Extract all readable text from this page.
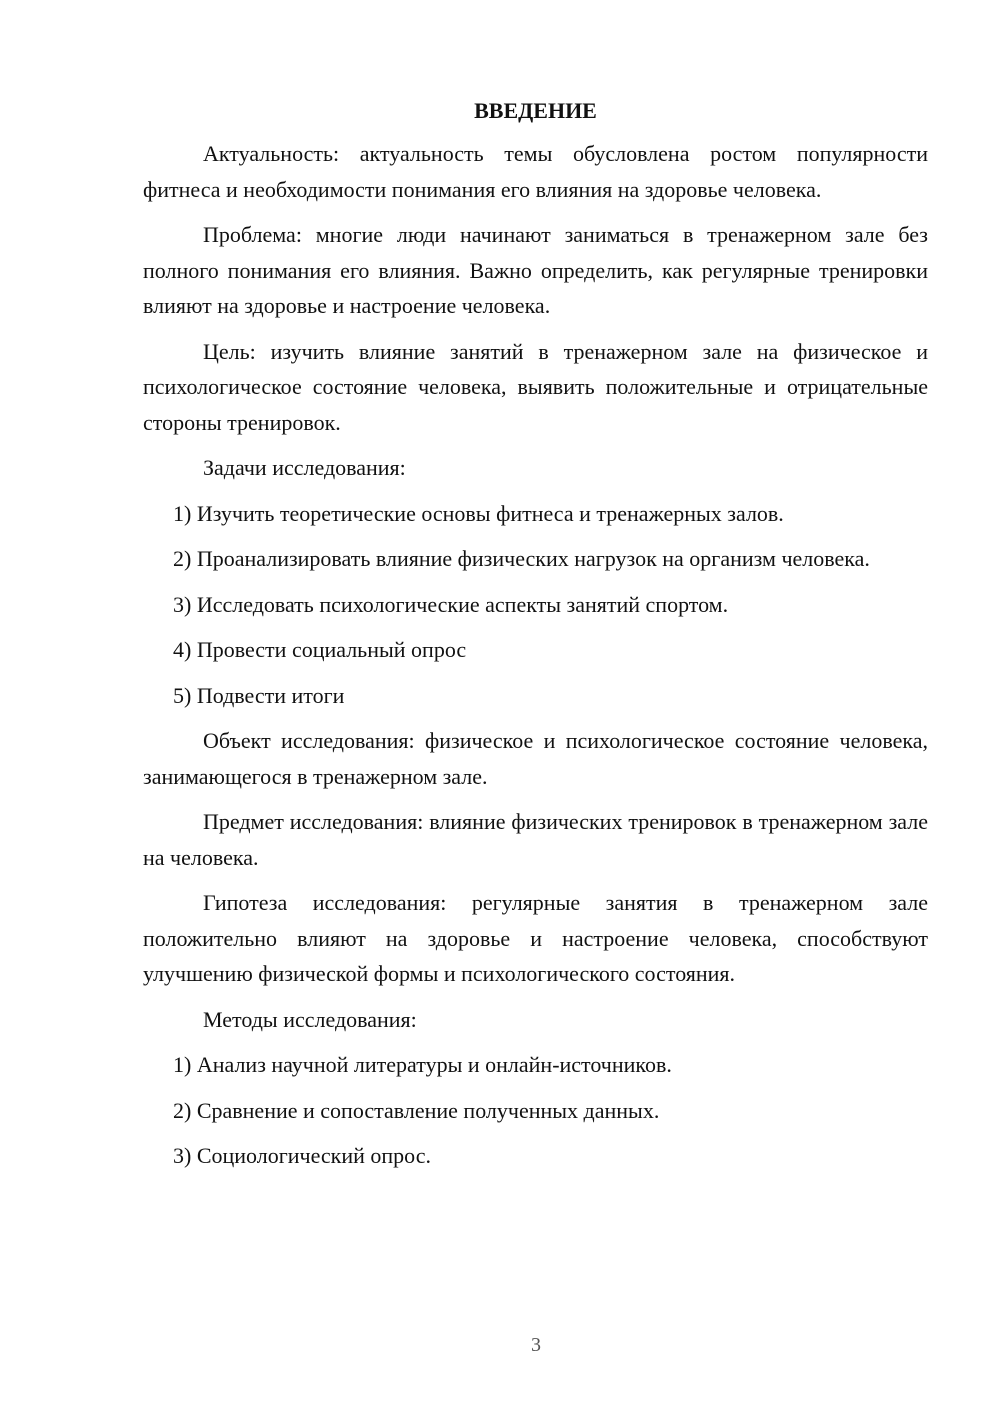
ВВЕДЕНИЕ
Актуальность: актуальность темы обусловлена ростом популярности фитнеса и необходимости понимания его влияния на здоровье человека.
Проблема: многие люди начинают заниматься в тренажерном зале без полного понимания его влияния. Важно определить, как регулярные тренировки влияют на здоровье и настроение человека.
Цель: изучить влияние занятий в тренажерном зале на физическое и психологическое состояние человека, выявить положительные и отрицательные стороны тренировок.
Задачи исследования:
1) Изучить теоретические основы фитнеса и тренажерных залов.
2) Проанализировать влияние физических нагрузок на организм человека.
3) Исследовать психологические аспекты занятий спортом.
4) Провести социальный опрос
5) Подвести итоги
Объект исследования: физическое и психологическое состояние человека, занимающегося в тренажерном зале.
Предмет исследования: влияние физических тренировок в тренажерном зале на человека.
Гипотеза исследования: регулярные занятия в тренажерном зале положительно влияют на здоровье и настроение человека, способствуют улучшению физической формы и психологического состояния.
Методы исследования:
1) Анализ научной литературы и онлайн-источников.
2) Сравнение и сопоставление полученных данных.
3) Социологический опрос.
3
